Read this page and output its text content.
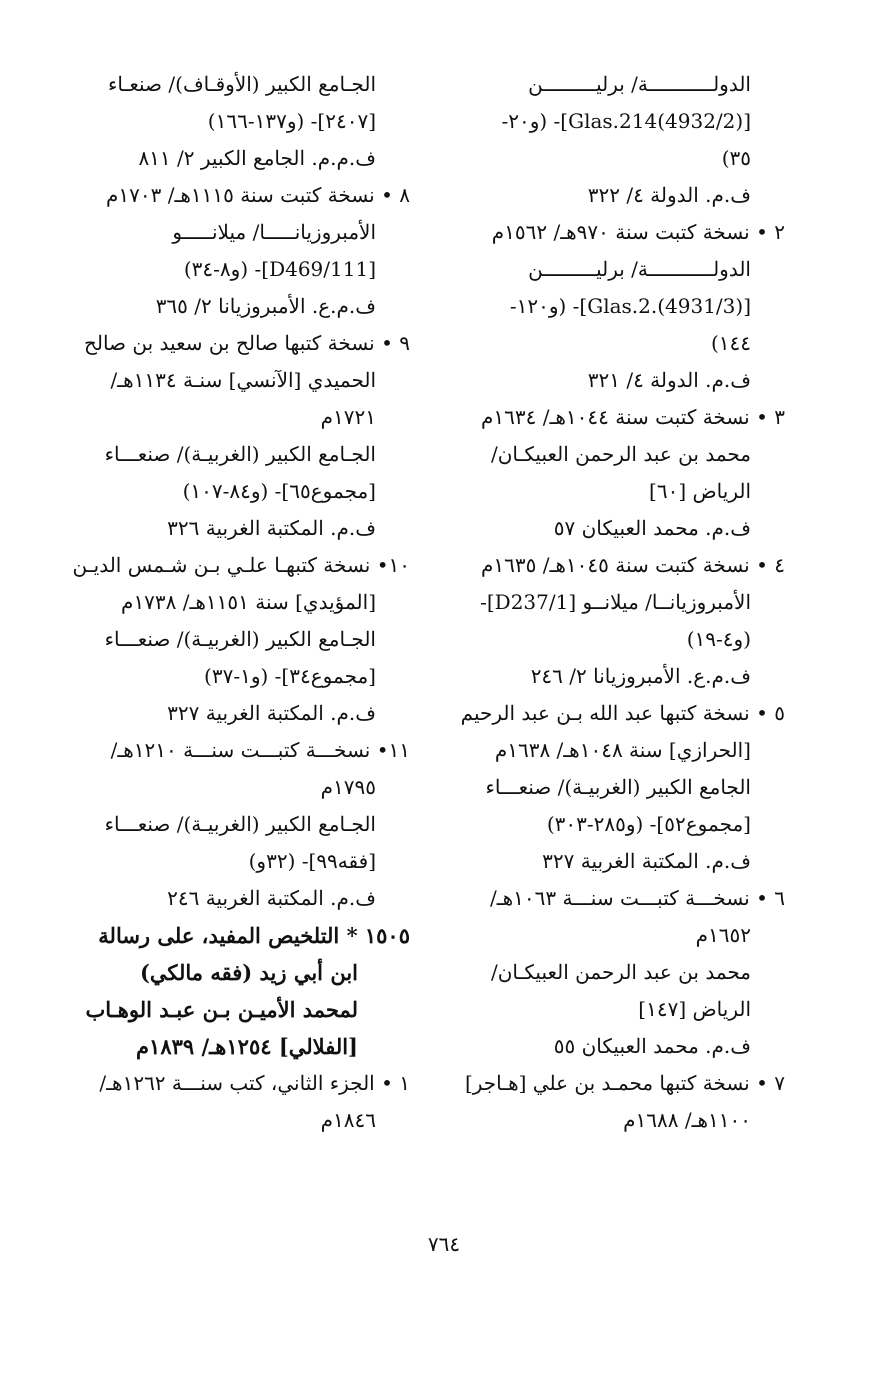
الدولـــــــــــة/ برليـــــــــن
[Glas.214(4932/2)]- (و٢٠-
٣٥)
ف.م. الدولة ٤/ ٣٢٢
٢ • نسخة كتبت سنة ٩٧٠هـ/ ١٥٦٢م
الدولـــــــــــة/ برليـــــــــن
[Glas.2.(4931/3)]- (و١٢٠-
١٤٤)
ف.م. الدولة ٤/ ٣٢١
٣ • نسخة كتبت سنة ١٠٤٤هـ/ ١٦٣٤م
محمد بن عبد الرحمن العبيكـان/
الرياض [٦٠]
ف.م. محمد العبيكان ٥٧
٤ • نسخة كتبت سنة ١٠٤٥هـ/ ١٦٣٥م
الأمبروزيانــا/ ميلانــو [D237/1]-
(و٤-١٩)
ف.م.ع. الأمبروزيانا ٢/ ٢٤٦
٥ • نسخة كتبها عبد الله بـن عبد الرحيم
[الحرازي] سنة ١٠٤٨هـ/ ١٦٣٨م
الجامع الكبير (الغربيـة)/ صنعـــاء
[مجموع٥٢]- (و٢٨٥-٣٠٣)
ف.م. المكتبة الغربية ٣٢٧
٦ • نسخـــة كتبـــت سنـــة ١٠٦٣هـ/
١٦٥٢م
محمد بن عبد الرحمن العبيكـان/
الرياض [١٤٧]
ف.م. محمد العبيكان ٥٥
٧ • نسخة كتبها محمـد بن علي [هـاجر]
١١٠٠هـ/ ١٦٨٨م
الجـامع الكبير (الأوقـاف)/ صنعـاء
[٢٤٠٧]- (و١٣٧-١٦٦)
ف.م.م. الجامع الكبير ٢/ ٨١١
٨ • نسخة كتبت سنة ١١١٥هـ/ ١٧٠٣م
الأمبروزيانـــــا/ ميلانـــــو
[D469/111]- (و٨-٣٤)
ف.م.ع. الأمبروزيانا ٢/ ٣٦٥
٩ • نسخة كتبها صالح بن سعيد بن صالح
الحميدي [الآنسي] سنـة ١١٣٤هـ/
١٧٢١م
الجـامع الكبير (الغربيـة)/ صنعـــاء
[مجموع٦٥]- (و٨٤-١٠٧)
ف.م. المكتبة الغربية ٣٢٦
١٠• نسخة كتبهـا علـي بـن شـمس الديـن
[المؤيدي] سنة ١١٥١هـ/ ١٧٣٨م
الجـامع الكبير (الغربيـة)/ صنعـــاء
[مجموع٣٤]- (و١-٣٧)
ف.م. المكتبة الغربية ٣٢٧
١١• نسخـــة كتبـــت سنـــة ١٢١٠هـ/
١٧٩٥م
الجـامع الكبير (الغربيـة)/ صنعـــاء
[فقه٩٩]- (٣٢و)
ف.م. المكتبة الغربية ٢٤٦
١٥٠٥ * التلخيص المفيد، على رسالة
ابن أبي زيد (فقه مالكي)
لمحمد الأميـن بـن عبـد الوهـاب
[الفلالي] ١٢٥٤هـ/ ١٨٣٩م
١ • الجزء الثاني، كتب سنـــة ١٢٦٢هـ/
١٨٤٦م
٧٦٤
